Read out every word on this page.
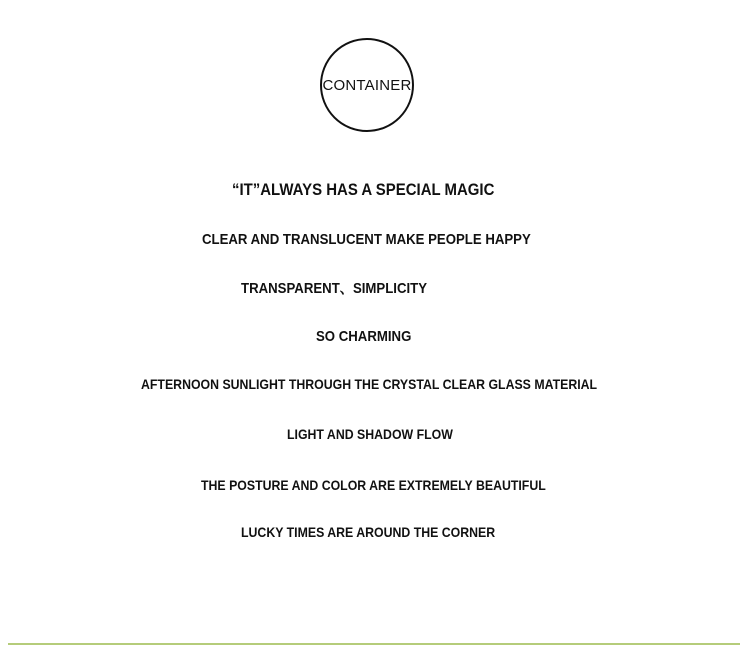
CONTAINER
“IT”ALWAYS HAS A SPECIAL MAGIC
CLEAR AND TRANSLUCENT MAKE PEOPLE HAPPY
TRANSPARENT、SIMPLICITY
SO CHARMING
AFTERNOON SUNLIGHT THROUGH THE CRYSTAL CLEAR GLASS MATERIAL
LIGHT AND SHADOW FLOW
THE POSTURE AND COLOR ARE EXTREMELY BEAUTIFUL
LUCKY TIMES ARE AROUND THE CORNER
